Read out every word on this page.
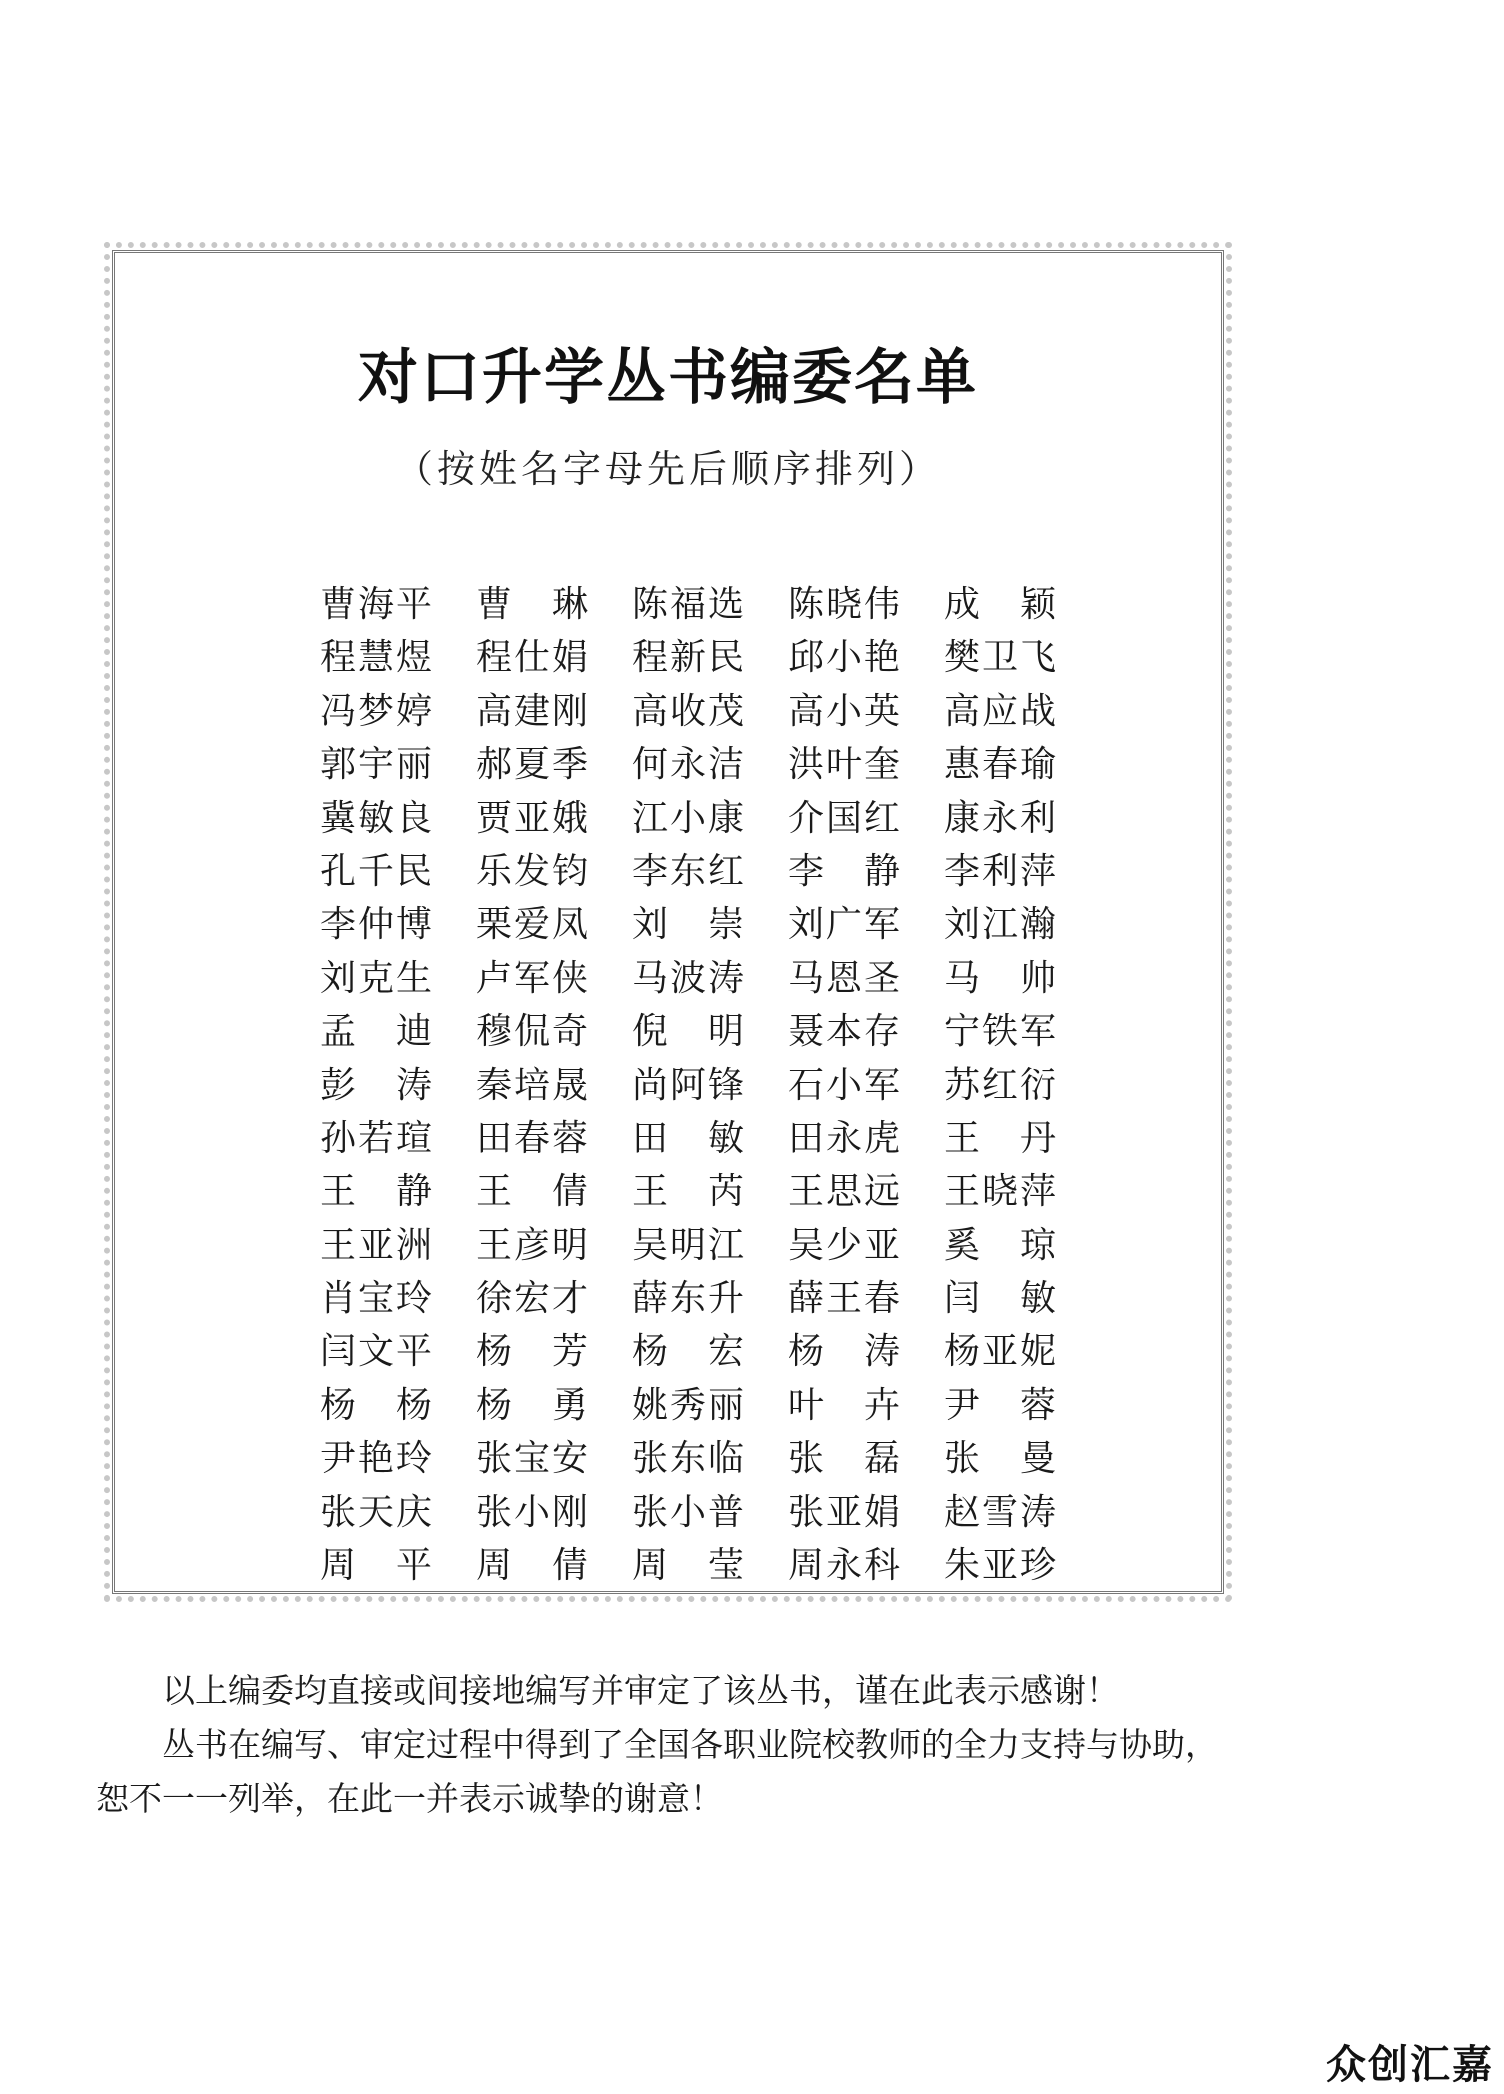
对口升学丛书编委名单
（按姓名字母先后顺序排列）
曹海平 曹　琳 陈福选 陈晓伟 成　颖
程慧煜 程仕娟 程新民 邱小艳 樊卫飞
冯梦婷 高建刚 高收茂 高小英 高应战
郭宇丽 郝夏季 何永洁 洪叶奎 惠春瑜
冀敏良 贾亚娥 江小康 介国红 康永利
孔千民 乐发钧 李东红 李　静 李利萍
李仲博 栗爱凤 刘　崇 刘广军 刘江瀚
刘克生 卢军侠 马波涛 马恩圣 马　帅
孟　迪 穆侃奇 倪　明 聂本存 宁铁军
彭　涛 秦培晟 尚阿锋 石小军 苏红衍
孙若瑄 田春蓉 田　敏 田永虎 王　丹
王　静 王　倩 王　芮 王思远 王晓萍
王亚洲 王彦明 吴明江 吴少亚 奚　琼
肖宝玲 徐宏才 薛东升 薛王春 闫　敏
闫文平 杨　芳 杨　宏 杨　涛 杨亚妮
杨　杨 杨　勇 姚秀丽 叶　卉 尹　蓉
尹艳玲 张宝安 张东临 张　磊 张　曼
张天庆 张小刚 张小普 张亚娟 赵雪涛
周　平 周　倩 周　莹 周永科 朱亚珍

以上编委均直接或间接地编写并审定了该丛书，谨在此表示感谢！

丛书在编写、审定过程中得到了全国各职业院校教师的全力支持与协助，恕不一一列举，在此一并表示诚挚的谢意！

众创汇嘉
